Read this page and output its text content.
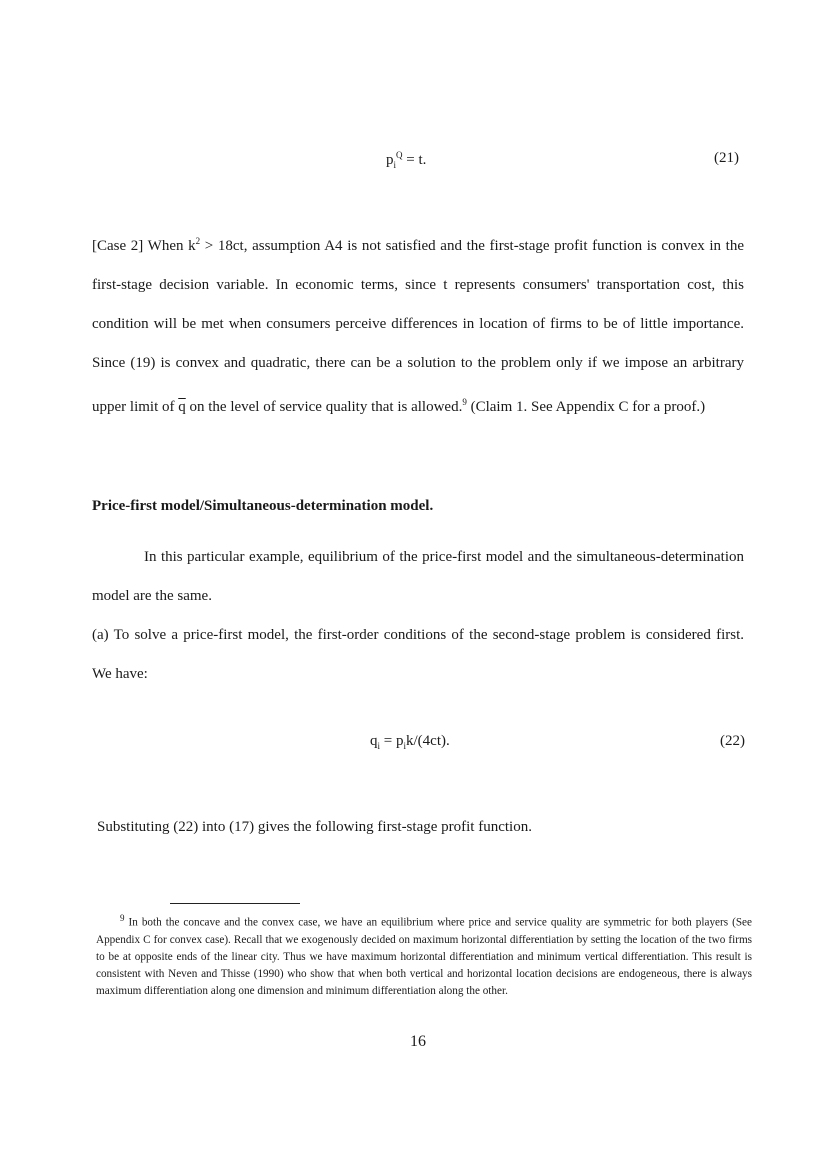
$p_i^Q = t$.	(21)

[Case 2] When $k^2 > 18ct$, assumption A4 is not satisfied and the first-stage profit function is convex in the first-stage decision variable. In economic terms, since t represents consumers' transportation cost, this condition will be met when consumers perceive differences in location of firms to be of little importance. Since (19) is convex and quadratic, there can be a solution to the problem only if we impose an arbitrary upper limit of $\overline{q}$ on the level of service quality that is allowed.$^9$ (Claim 1. See Appendix C for a proof.)

Price-first model/Simultaneous-determination model.

In this particular example, equilibrium of the price-first model and the simultaneous-determination model are the same.

(a) To solve a price-first model, the first-order conditions of the second-stage problem is considered first. We have:

$q_i = p_ik/(4ct)$.	(22)

Substituting (22) into (17) gives the following first-stage profit function.

$^9$ In both the concave and the convex case, we have an equilibrium where price and service quality are symmetric for both players (See Appendix C for convex case). Recall that we exogenously decided on maximum horizontal differentiation by setting the location of the two firms to be at opposite ends of the linear city. Thus we have maximum horizontal differentiation and minimum vertical differentiation. This result is consistent with Neven and Thisse (1990) who show that when both vertical and horizontal location decisions are endogeneous, there is always maximum differentiation along one dimension and minimum differentiation along the other.

16
